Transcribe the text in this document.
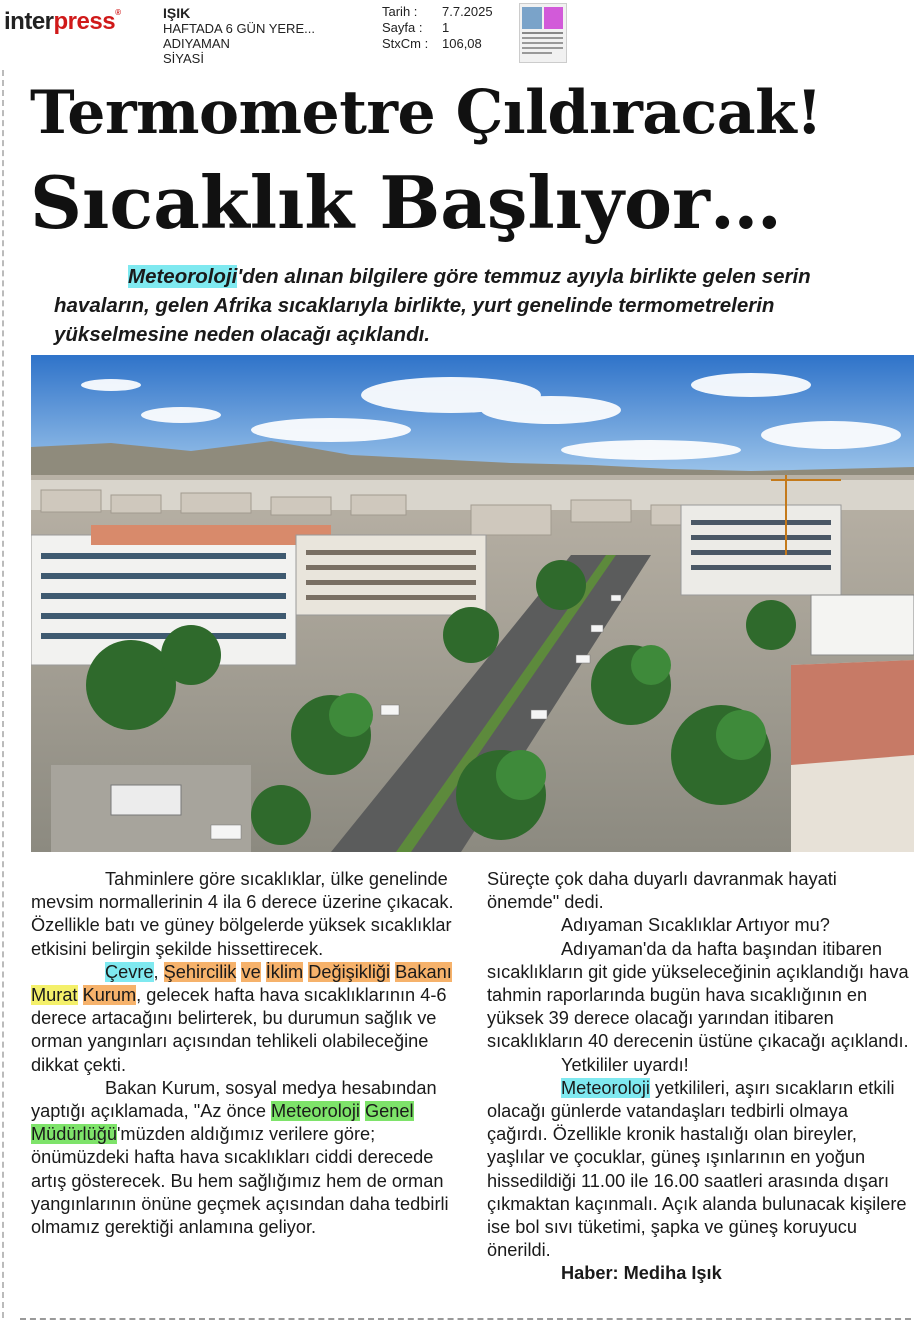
interpress®	IŞIK
HAFTADA 6 GÜN YERE...
ADIYAMAN
SİYASİ
Tarih :	7.7.2025
Sayfa :	1
StxCm :	106,08
Termometre Çıldıracak!
Sıcaklık Başlıyor…
Meteoroloji'den alınan bilgilere göre temmuz ayıyla birlikte gelen serin havaların, gelen Afrika sıcaklarıyla birlikte, yurt genelinde termometrelerin yükselmesine neden olacağı açıklandı.

Tahminlere göre sıcaklıklar, ülke genelinde mevsim normallerinin 4 ila 6 derece üzerine çıkacak. Özellikle batı ve güney bölgelerde yüksek sıcaklıklar etkisini belirgin şekilde hissettirecek.

Çevre, Şehircilik ve İklim Değişikliği Bakanı Murat Kurum, gelecek hafta hava sıcaklıklarının 4-6 derece artacağını belirterek, bu durumun sağlık ve orman yangınları açısından tehlikeli olabileceğine dikkat çekti.

Bakan Kurum, sosyal medya hesabından yaptığı açıklamada, "Az önce Meteoroloji Genel Müdürlüğü'müzden aldığımız verilere göre; önümüzdeki hafta hava sıcaklıkları ciddi derecede artış gösterecek. Bu hem sağlığımız hem de orman yangınlarının önüne geçmek açısından daha tedbirli olmamız gerektiği anlamına geliyor.

Süreçte çok daha duyarlı davranmak hayati önemde" dedi.

Adıyaman Sıcaklıklar Artıyor mu?

Adıyaman'da da hafta başından itibaren sıcaklıkların git gide yükseleceğinin açıklandığı hava tahmin raporlarında bugün hava sıcaklığının en yüksek 39 derece olacağı yarından itibaren sıcaklıkların 40 derecenin üstüne çıkacağı açıklandı.

Yetkililer uyardı!

Meteoroloji yetkilileri, aşırı sıcakların etkili olacağı günlerde vatandaşları tedbirli olmaya çağırdı. Özellikle kronik hastalığı olan bireyler, yaşlılar ve çocuklar, güneş ışınlarının en yoğun hissedildiği 11.00 ile 16.00 saatleri arasında dışarı çıkmaktan kaçınmalı. Açık alanda bulunacak kişilere ise bol sıvı tüketimi, şapka ve güneş koruyucu önerildi.

Haber: Mediha Işık
